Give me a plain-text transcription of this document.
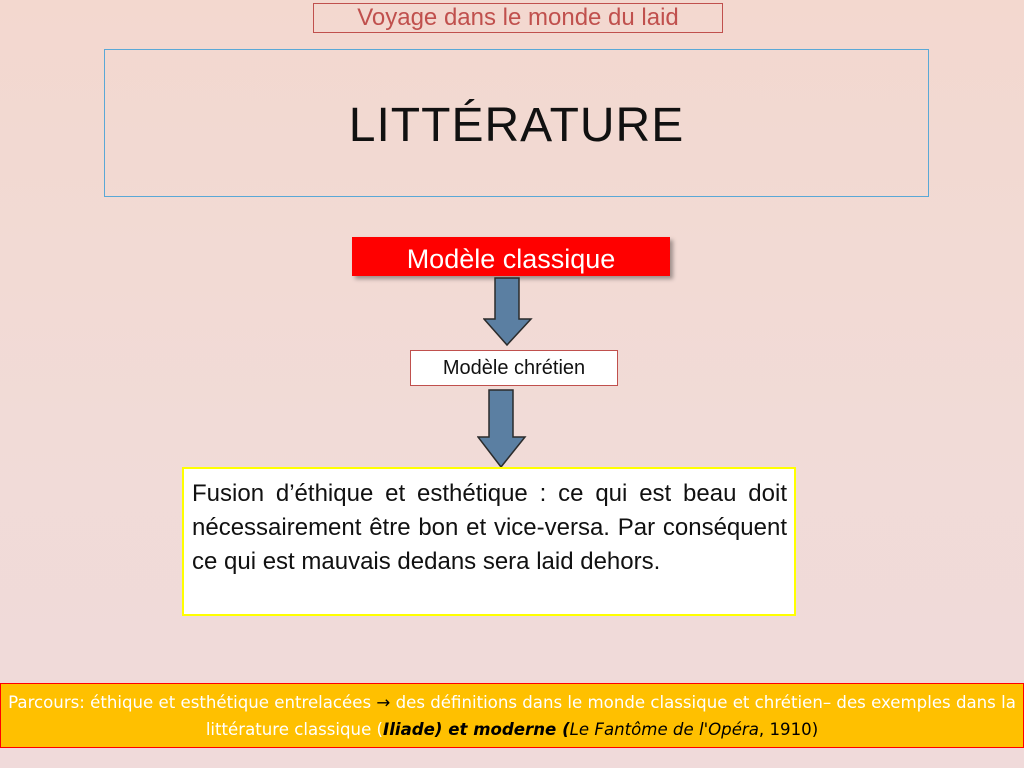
Voyage dans le monde du laid
LITTÉRATURE
Modèle classique
Modèle chrétien
Fusion d’éthique et esthétique : ce qui est beau doit nécessairement être bon et vice-versa. Par conséquent ce qui est mauvais dedans sera laid dehors.
Parcours: éthique et esthétique entrelacées → des définitions dans le monde classique et chrétien– des exemples dans la littérature classique (Iliade) et moderne (Le Fantôme de l'Opéra, 1910)
